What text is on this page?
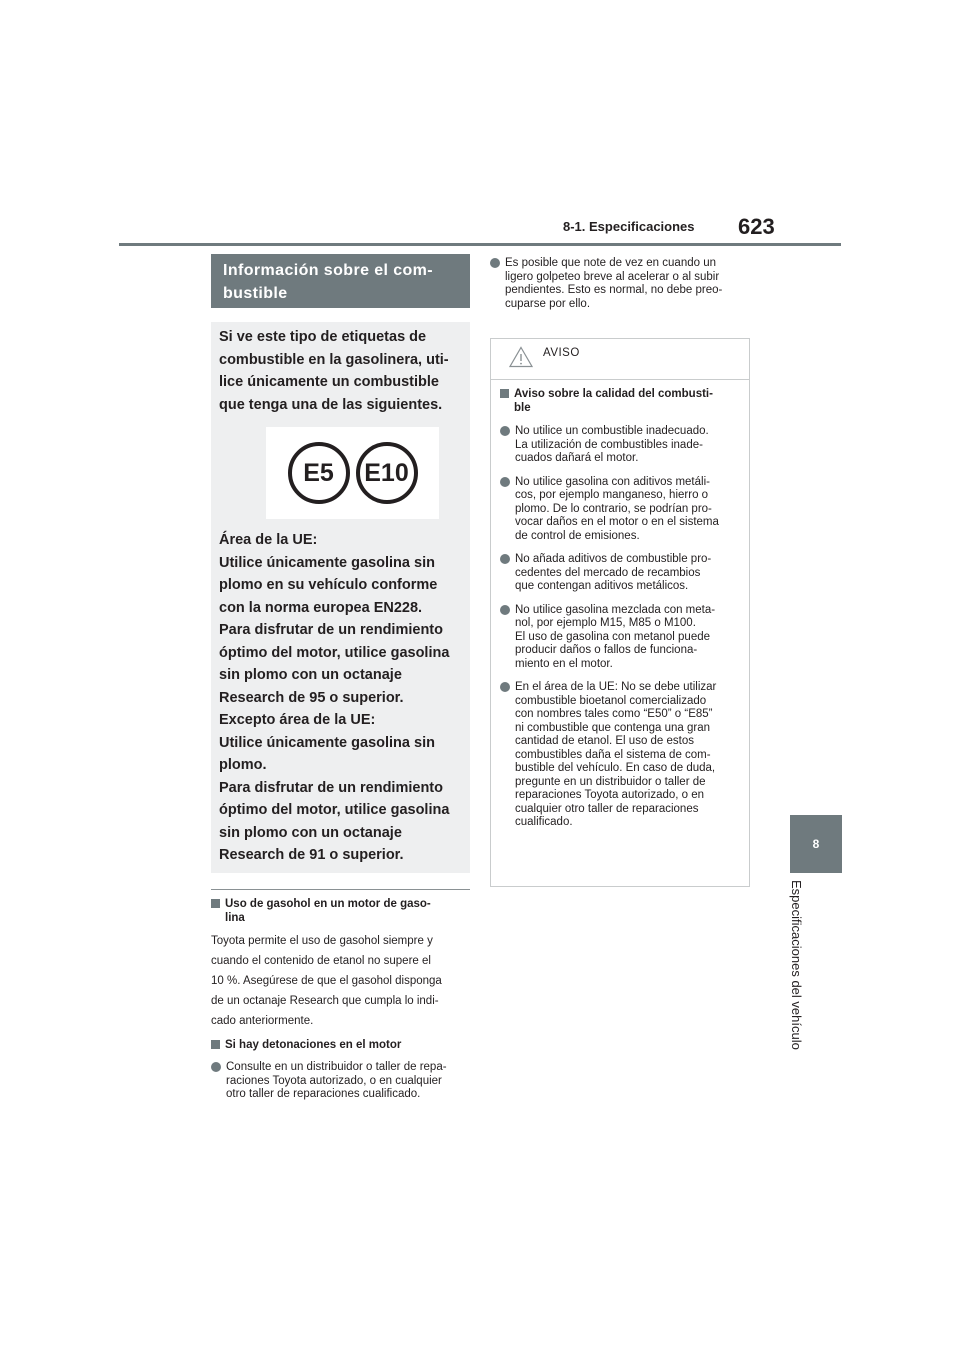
8-1. Especificaciones 623
8
Especificaciones del vehículo
Información sobre el com-
bustible

Si ve este tipo de etiquetas de

combustible en la gasolinera, uti-

lice únicamente un combustible

que tenga una de las siguientes.

E5	E10

Área de la UE:

Utilice únicamente gasolina sin

plomo en su vehículo conforme

con la norma europea EN228.

Para disfrutar de un rendimiento

óptimo del motor, utilice gasolina

sin plomo con un octanaje

Research de 95 o superior.

Excepto área de la UE:

Utilice únicamente gasolina sin

plomo.

Para disfrutar de un rendimiento

óptimo del motor, utilice gasolina

sin plomo con un octanaje

Research de 91 o superior.

Uso de gasohol en un motor de gaso-
lina
Toyota permite el uso de gasohol siempre y
cuando el contenido de etanol no supere el
10 %. Asegúrese de que el gasohol disponga
de un octanaje Research que cumpla lo indi-
cado anteriormente.
Si hay detonaciones en el motor
Consulte en un distribuidor o taller de repa-
raciones Toyota autorizado, o en cualquier
otro taller de reparaciones cualificado.
Es posible que note de vez en cuando un
ligero golpeteo breve al acelerar o al subir
pendientes. Esto es normal, no debe preo-
cuparse por ello.
AVISO
Aviso sobre la calidad del combusti-
ble
No utilice un combustible inadecuado.
La utilización de combustibles inade-
cuados dañará el motor.
No utilice gasolina con aditivos metáli-
cos, por ejemplo manganeso, hierro o
plomo. De lo contrario, se podrían pro-
vocar daños en el motor o en el sistema
de control de emisiones.
No añada aditivos de combustible pro-
cedentes del mercado de recambios
que contengan aditivos metálicos.
No utilice gasolina mezclada con meta-
nol, por ejemplo M15, M85 o M100.
El uso de gasolina con metanol puede
producir daños o fallos de funciona-
miento en el motor.
En el área de la UE: No se debe utilizar
combustible bioetanol comercializado
con nombres tales como “E50” o “E85”
ni combustible que contenga una gran
cantidad de etanol. El uso de estos
combustibles daña el sistema de com-
bustible del vehículo. En caso de duda,
pregunte en un distribuidor o taller de
reparaciones Toyota autorizado, o en
cualquier otro taller de reparaciones
cualificado.
